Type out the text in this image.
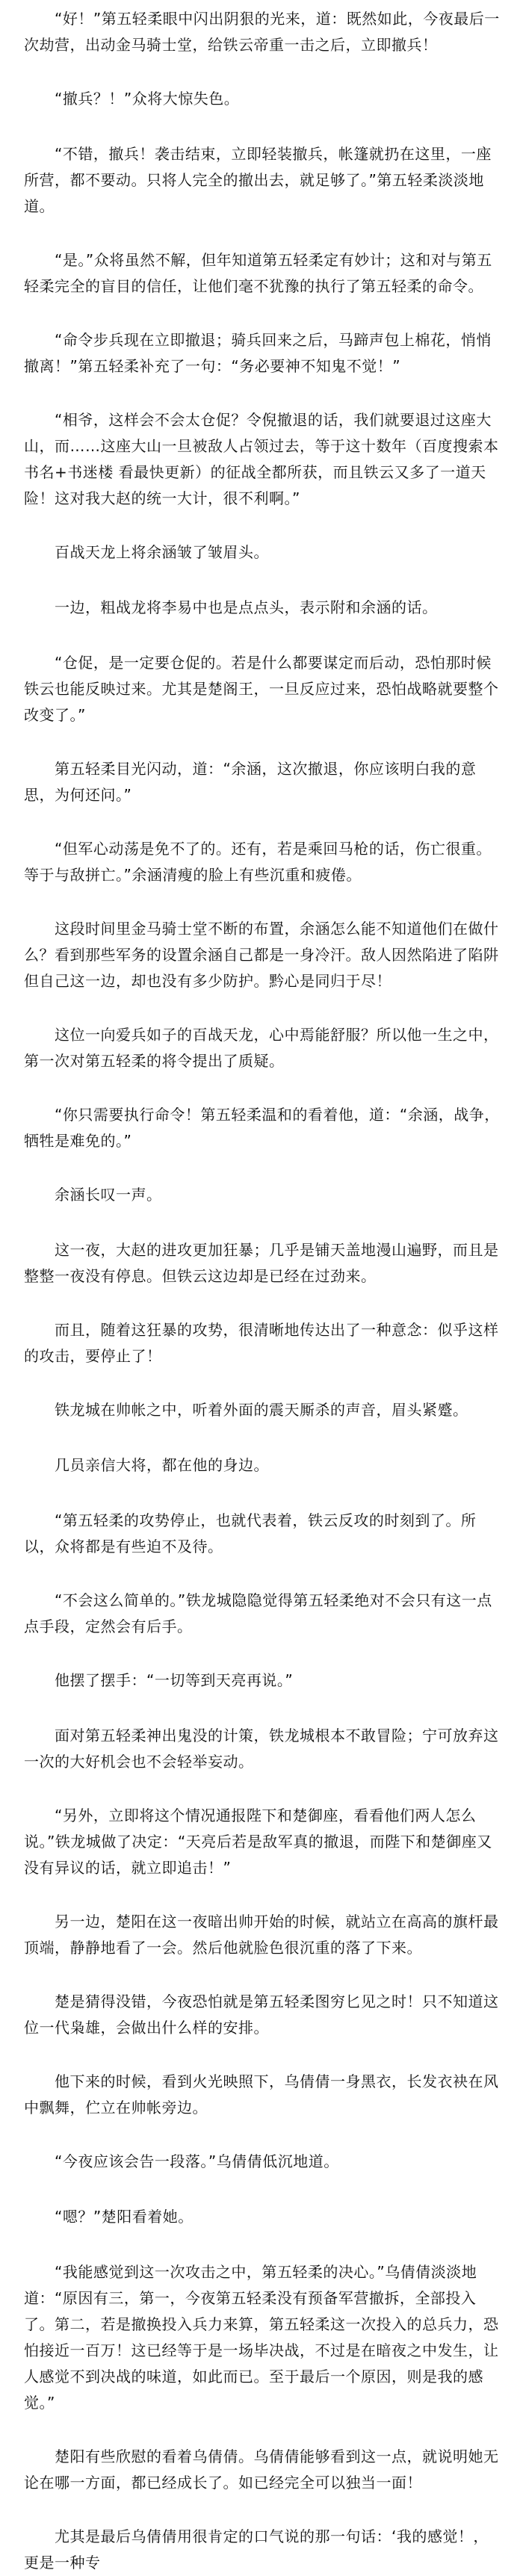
“好！”第五轻柔眼中闪出阴狠的光来，道：既然如此，今夜最后一次劫营，出动金马骑士堂，给铁云帝重一击之后，立即撤兵！

“撤兵？！”众将大惊失色。

“不错，撤兵！袭击结束，立即轻装撤兵，帐篷就扔在这里，一座所营，都不要动。只将人完全的撤出去，就足够了。”第五轻柔淡淡地道。

“是。”众将虽然不解，但年知道第五轻柔定有妙计；这和对与第五轻柔完全的盲目的信任，让他们毫不犹豫的执行了第五轻柔的命令。

“命令步兵现在立即撤退；骑兵回来之后，马蹄声包上棉花，悄悄撤离！”第五轻柔补充了一句：“务必要神不知鬼不觉！”

“相爷，这样会不会太仓促？令倪撤退的话，我们就要退过这座大山，而……这座大山一旦被敌人占领过去，等于这十数年（百度搜索本书名+书迷楼 看最快更新）的征战全都所获，而且铁云又多了一道天险！这对我大赵的统一大计，很不利啊。”

百战天龙上将余涵皱了皱眉头。

一边，粗战龙将李易中也是点点头，表示附和余涵的话。

“仓促，是一定要仓促的。若是什么都要谋定而后动，恐怕那时候铁云也能反映过来。尤其是楚阁王，一旦反应过来，恐怕战略就要整个改变了。”

第五轻柔目光闪动，道：“余涵，这次撤退，你应该明白我的意思，为何还问。”

“但军心动荡是免不了的。还有，若是乘回马枪的话，伤亡很重。等于与敌拼亡。”余涵清瘦的脸上有些沉重和疲倦。

这段时间里金马骑士堂不断的布置，余涵怎么能不知道他们在做什么？看到那些军务的设置余涵自己都是一身冷汗。敌人因然陷进了陷阱但自己这一边，却也没有多少防护。黔心是同归于尽！

这位一向爱兵如子的百战天龙，心中焉能舒服？所以他一生之中，第一次对第五轻柔的将令提出了质疑。

“你只需要执行命令！第五轻柔温和的看着他，道：“余涵，战争，牺牲是难免的。”

余涵长叹一声。

这一夜，大赵的进攻更加狂暴；几乎是铺天盖地漫山遍野，而且是整整一夜没有停息。但铁云这边却是已经在过劲来。

而且，随着这狂暴的攻势，很清晰地传达出了一种意念：似乎这样的攻击，要停止了！

铁龙城在帅帐之中，听着外面的震天厮杀的声音，眉头紧蹙。

几员亲信大将，都在他的身边。

“第五轻柔的攻势停止，也就代表着，铁云反攻的时刻到了。所以，众将都是有些迫不及待。

“不会这么简单的。”铁龙城隐隐觉得第五轻柔绝对不会只有这一点点手段，定然会有后手。

他摆了摆手：“一切等到天亮再说。”

面对第五轻柔神出鬼没的计策，铁龙城根本不敢冒险；宁可放弃这一次的大好机会也不会轻举妄动。

“另外，立即将这个情况通报陛下和楚御座，看看他们两人怎么说。”铁龙城做了决定：“天亮后若是敌军真的撤退，而陛下和楚御座又没有异议的话，就立即追击！”

另一边，楚阳在这一夜暗出帅开始的时候，就站立在高高的旗杆最顶端，静静地看了一会。然后他就脸色很沉重的落了下来。

楚是猜得没错，今夜恐怕就是第五轻柔图穷匕见之时！只不知道这位一代枭雄，会做出什么样的安排。

他下来的时候，看到火光映照下，乌倩倩一身黑衣，长发衣袂在风中飘舞，伫立在帅帐旁边。

“今夜应该会告一段落。”乌倩倩低沉地道。

“嗯？”楚阳看着她。

“我能感觉到这一次攻击之中，第五轻柔的决心。”乌倩倩淡淡地道：“原因有三，第一，今夜第五轻柔没有预备军营撤拆，全部投入了。第二，若是撤换投入兵力来算，第五轻柔这一次投入的总兵力，恐怕接近一百万！这已经等于是一场毕决战，不过是在暗夜之中发生，让人感觉不到决战的味道，如此而已。至于最后一个原因，则是我的感觉。”

楚阳有些欣慰的看着乌倩倩。乌倩倩能够看到这一点，就说明她无论在哪一方面，都已经成长了。如已经完全可以独当一面！

尤其是最后乌倩倩用很肯定的口气说的那一句话：‘我的感觉！，更是一种专
